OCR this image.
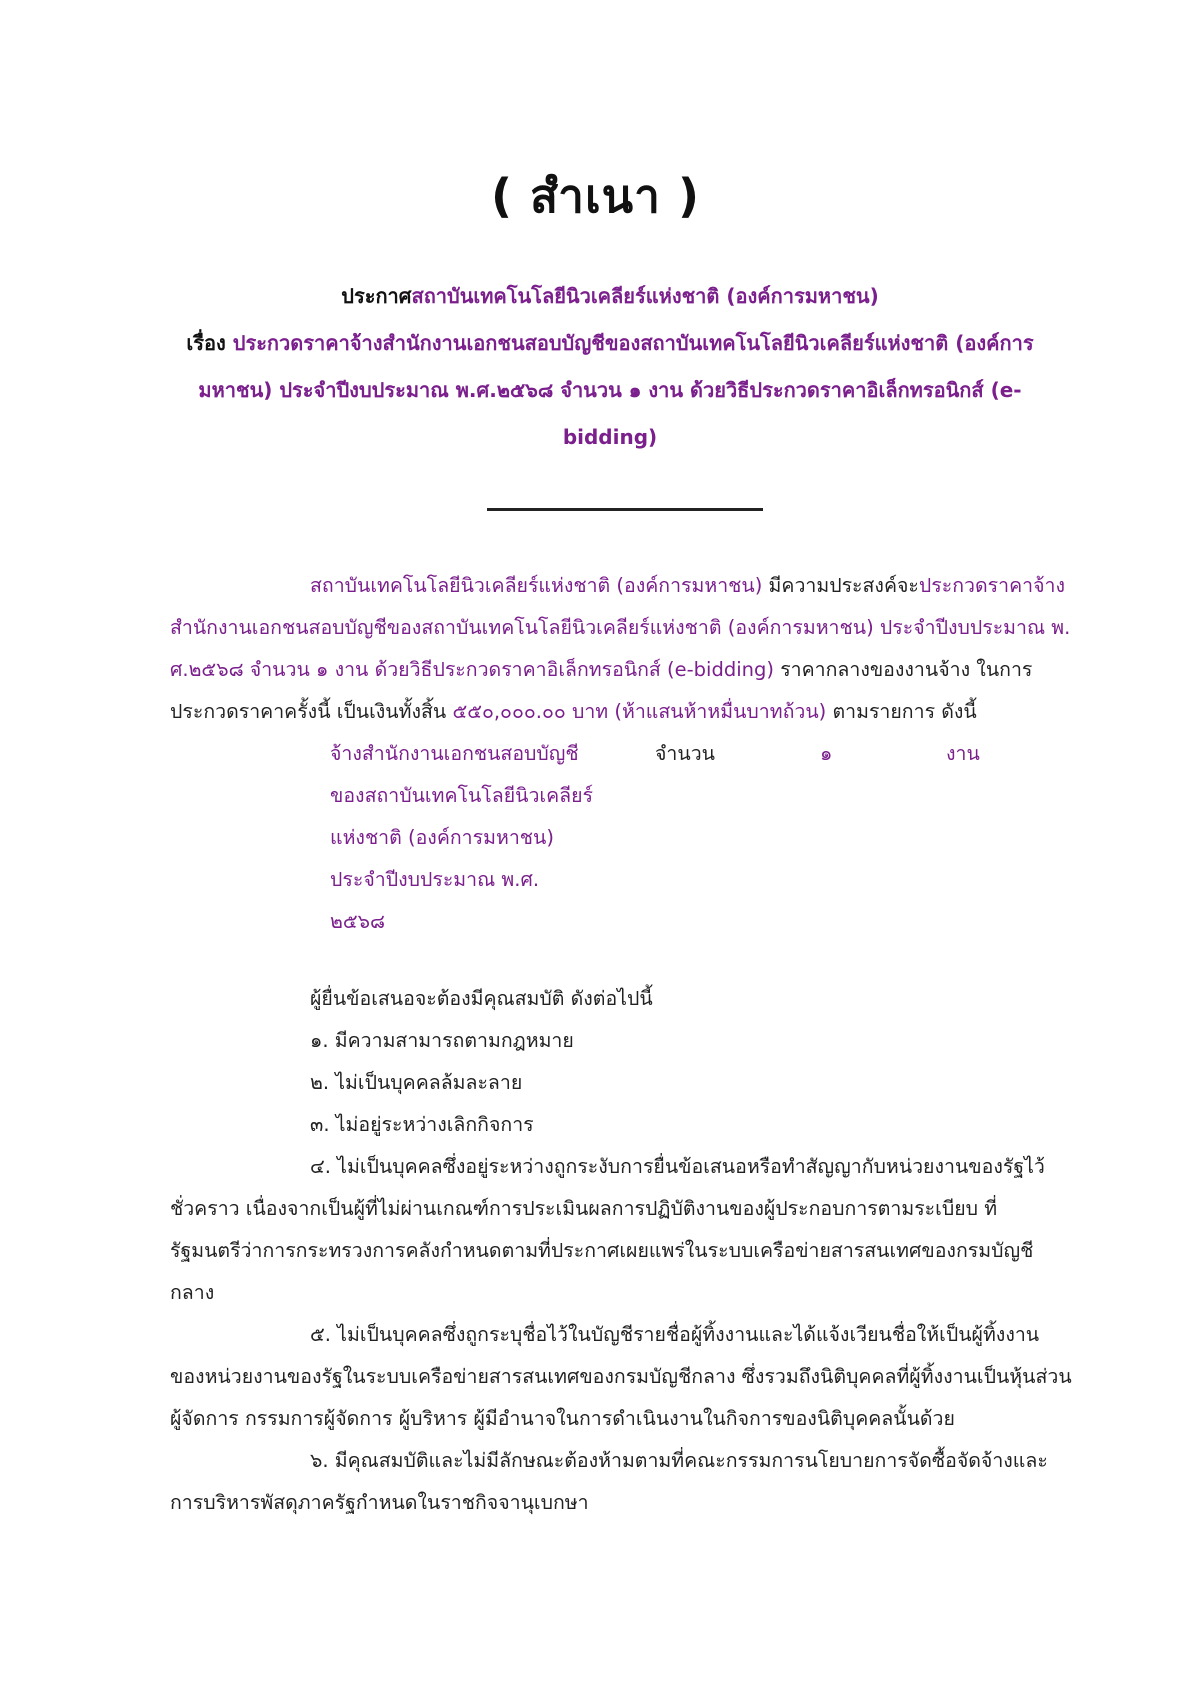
( สำเนา )
ประกาศสถาบันเทคโนโลยีนิวเคลียร์แห่งชาติ (องค์การมหาชน)
เรื่อง ประกวดราคาจ้างสำนักงานเอกชนสอบบัญชีของสถาบันเทคโนโลยีนิวเคลียร์แห่งชาติ (องค์การ
มหาชน) ประจำปีงบประมาณ พ.ศ.๒๕๖๘ จำนวน ๑ งาน ด้วยวิธีประกวดราคาอิเล็กทรอนิกส์ (e-
bidding)
สถาบันเทคโนโลยีนิวเคลียร์แห่งชาติ (องค์การมหาชน) มีความประสงค์จะประกวดราคาจ้าง
สำนักงานเอกชนสอบบัญชีของสถาบันเทคโนโลยีนิวเคลียร์แห่งชาติ (องค์การมหาชน) ประจำปีงบประมาณ พ.
ศ.๒๕๖๘ จำนวน ๑ งาน ด้วยวิธีประกวดราคาอิเล็กทรอนิกส์ (e-bidding) ราคากลางของงานจ้าง ในการ
ประกวดราคาครั้งนี้ เป็นเงินทั้งสิ้น ๕๕๐,๐๐๐.๐๐ บาท (ห้าแสนห้าหมื่นบาทถ้วน) ตามรายการ ดังนี้
จ้างสำนักงานเอกชนสอบบัญชี
ของสถาบันเทคโนโลยีนิวเคลียร์
แห่งชาติ (องค์การมหาชน)
ประจำปีงบประมาณ พ.ศ.
๒๕๖๘
จำนวน	๑	งาน
ผู้ยื่นข้อเสนอจะต้องมีคุณสมบัติ ดังต่อไปนี้
๑. มีความสามารถตามกฎหมาย
๒. ไม่เป็นบุคคลล้มละลาย
๓. ไม่อยู่ระหว่างเลิกกิจการ
๔. ไม่เป็นบุคคลซึ่งอยู่ระหว่างถูกระงับการยื่นข้อเสนอหรือทำสัญญากับหน่วยงานของรัฐไว้
ชั่วคราว เนื่องจากเป็นผู้ที่ไม่ผ่านเกณฑ์การประเมินผลการปฏิบัติงานของผู้ประกอบการตามระเบียบ ที่
รัฐมนตรีว่าการกระทรวงการคลังกำหนดตามที่ประกาศเผยแพร่ในระบบเครือข่ายสารสนเทศของกรมบัญชี
กลาง
๕. ไม่เป็นบุคคลซึ่งถูกระบุชื่อไว้ในบัญชีรายชื่อผู้ทิ้งงานและได้แจ้งเวียนชื่อให้เป็นผู้ทิ้งงาน
ของหน่วยงานของรัฐในระบบเครือข่ายสารสนเทศของกรมบัญชีกลาง ซึ่งรวมถึงนิติบุคคลที่ผู้ทิ้งงานเป็นหุ้นส่วน
ผู้จัดการ กรรมการผู้จัดการ ผู้บริหาร ผู้มีอำนาจในการดำเนินงานในกิจการของนิติบุคคลนั้นด้วย
๖. มีคุณสมบัติและไม่มีลักษณะต้องห้ามตามที่คณะกรรมการนโยบายการจัดซื้อจัดจ้างและ
การบริหารพัสดุภาครัฐกำหนดในราชกิจจานุเบกษา
